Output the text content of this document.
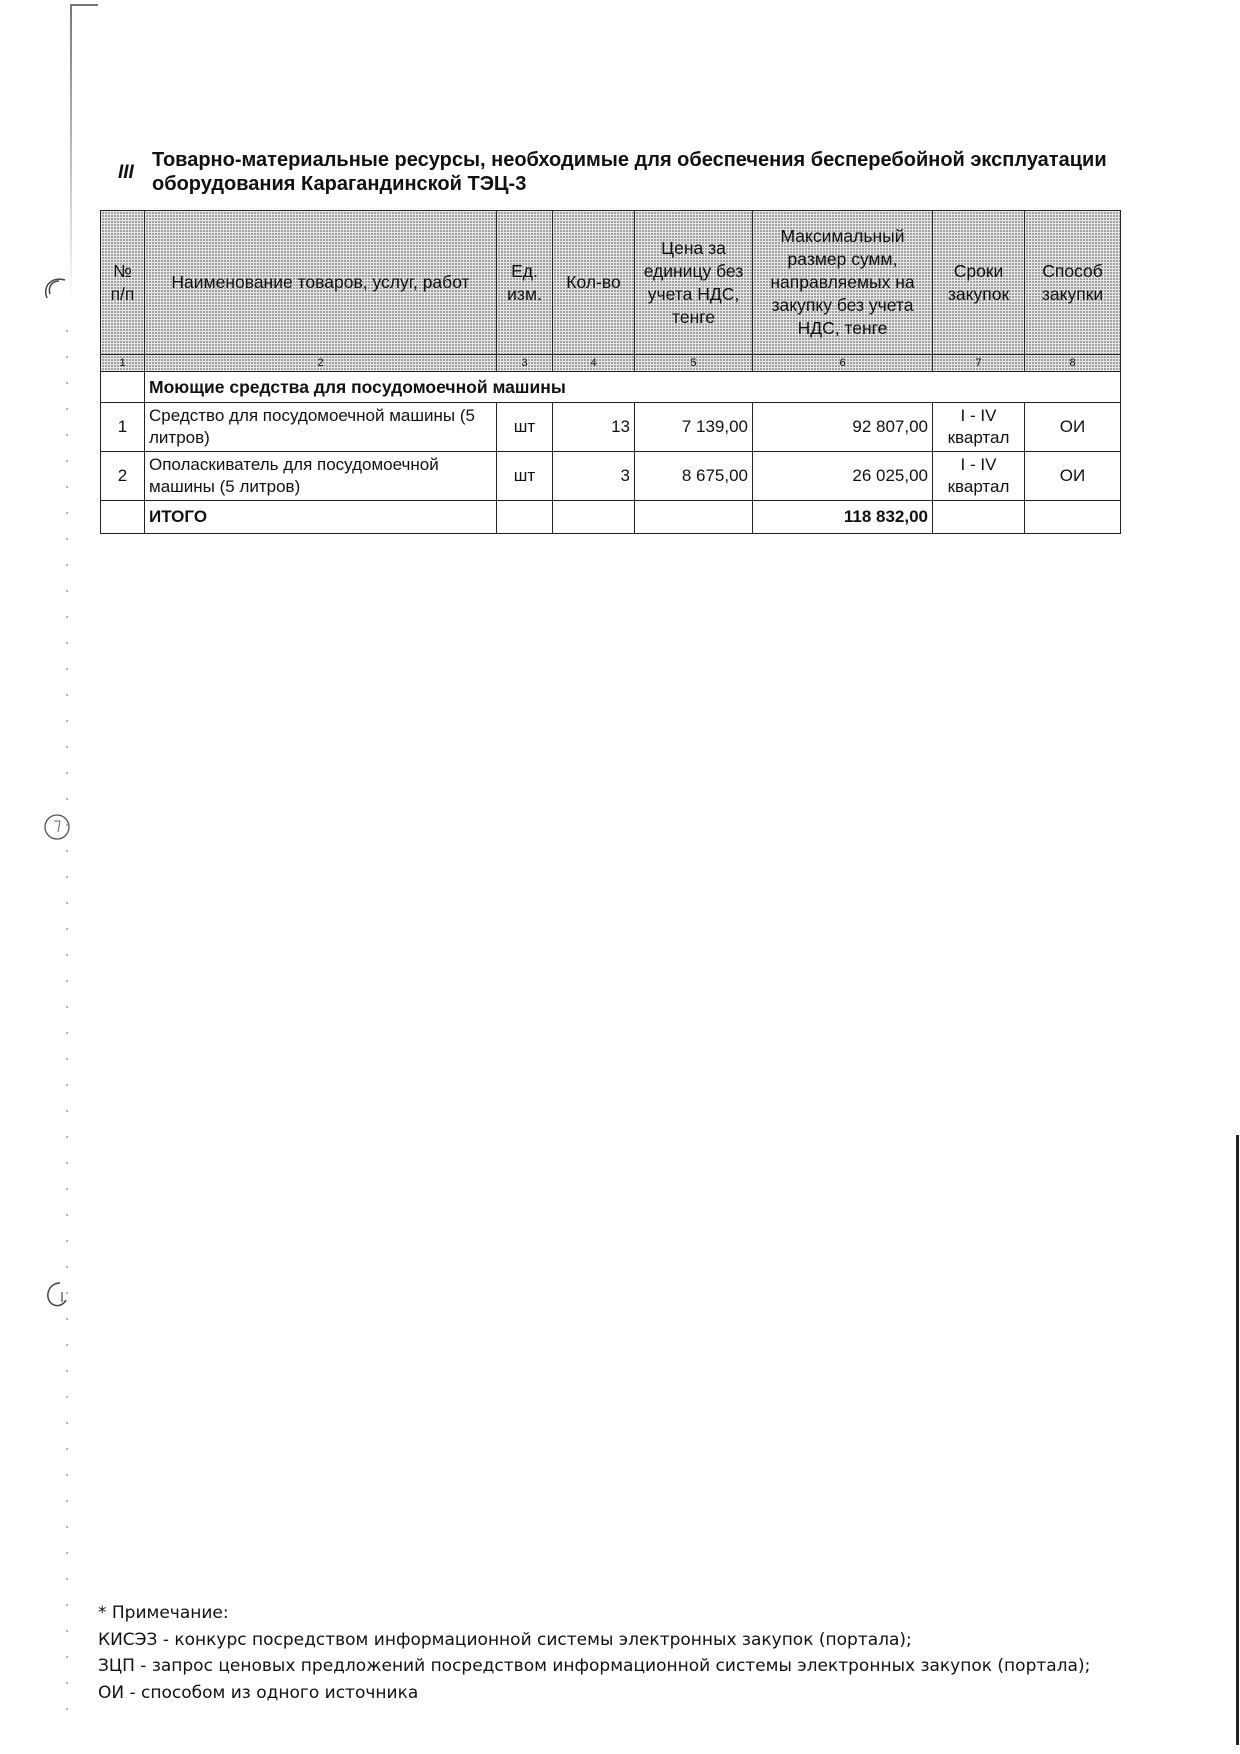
III
Товарно-материальные ресурсы, необходимые для обеспечения бесперебойной эксплуатации оборудования Карагандинской ТЭЦ-3
№ п/п	Наименование товаров, услуг, работ	Ед. изм.	Кол-во	Цена за единицу без учета НДС, тенге	Максимальный размер сумм, направляемых на закупку без учета НДС, тенге	Сроки закупок	Способ закупки
1	2	3	4	5	6	7	8
	Моющие средства для посудомоечной машины						
1	Средство для посудомоечной машины (5 литров)	шт	13	7 139,00	92 807,00	I - IV квартал	ОИ
2	Ополаскиватель для посудомоечной машины (5 литров)	шт	3	8 675,00	26 025,00	I - IV квартал	ОИ
	ИТОГО				118 832,00		
* Примечание:
КИСЭЗ - конкурс посредством информационной системы электронных закупок (портала);
ЗЦП - запрос ценовых предложений посредством информационной системы электронных закупок (портала);
ОИ - способом из одного источника
